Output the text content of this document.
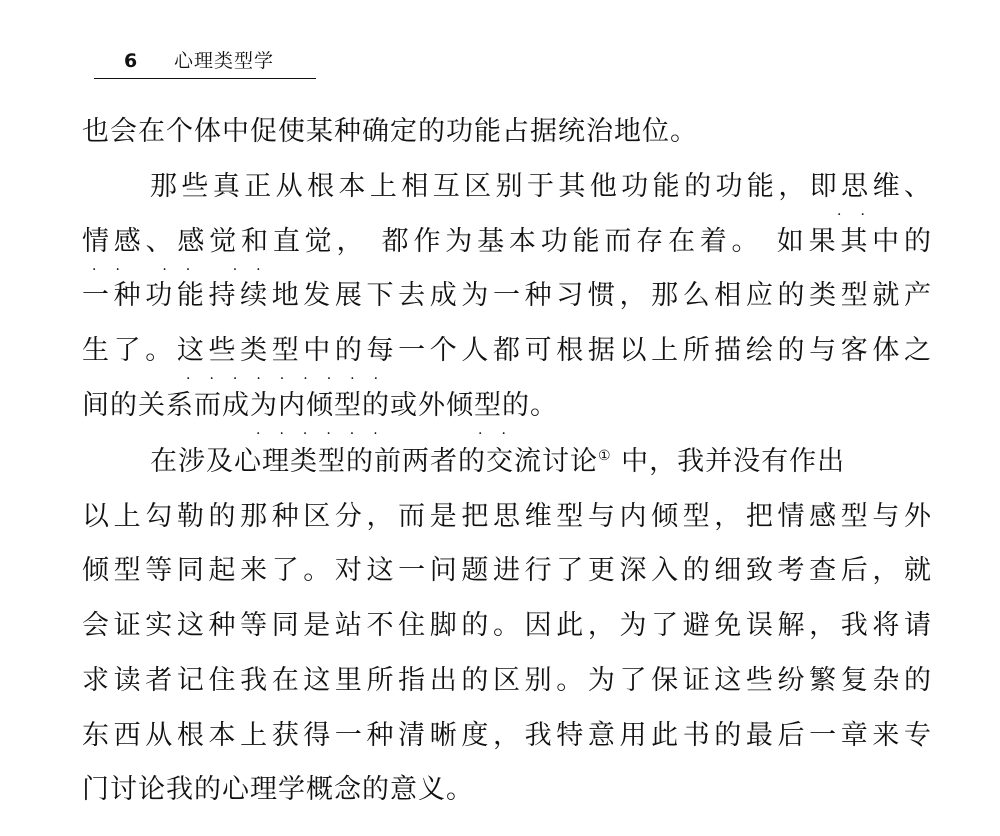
6 心理类型学
也会在个体中促使某种确定的功能占据统治地位。
那些真正从根本上相互区别于其他功能的功能，即思维、
情感、感觉和直觉， 都作为基本功能而存在着。 如果其中的
一种功能持续地发展下去成为一种习惯，那么相应的类型就产
生了。这些类型中的每一个人都可根据以上所描绘的与客体之
间的关系而成为内倾型的或外倾型的。
在涉及心理类型的前两者的交流讨论① 中，我并没有作出
以上勾勒的那种区分，而是把思维型与内倾型，把情感型与外
倾型等同起来了。对这一问题进行了更深入的细致考查后，就
会证实这种等同是站不住脚的。因此，为了避免误解，我将请
求读者记住我在这里所指出的区别。为了保证这些纷繁复杂的
东西从根本上获得一种清晰度，我特意用此书的最后一章来专
门讨论我的心理学概念的意义。
··
·· ·· ··
·········
······	··
